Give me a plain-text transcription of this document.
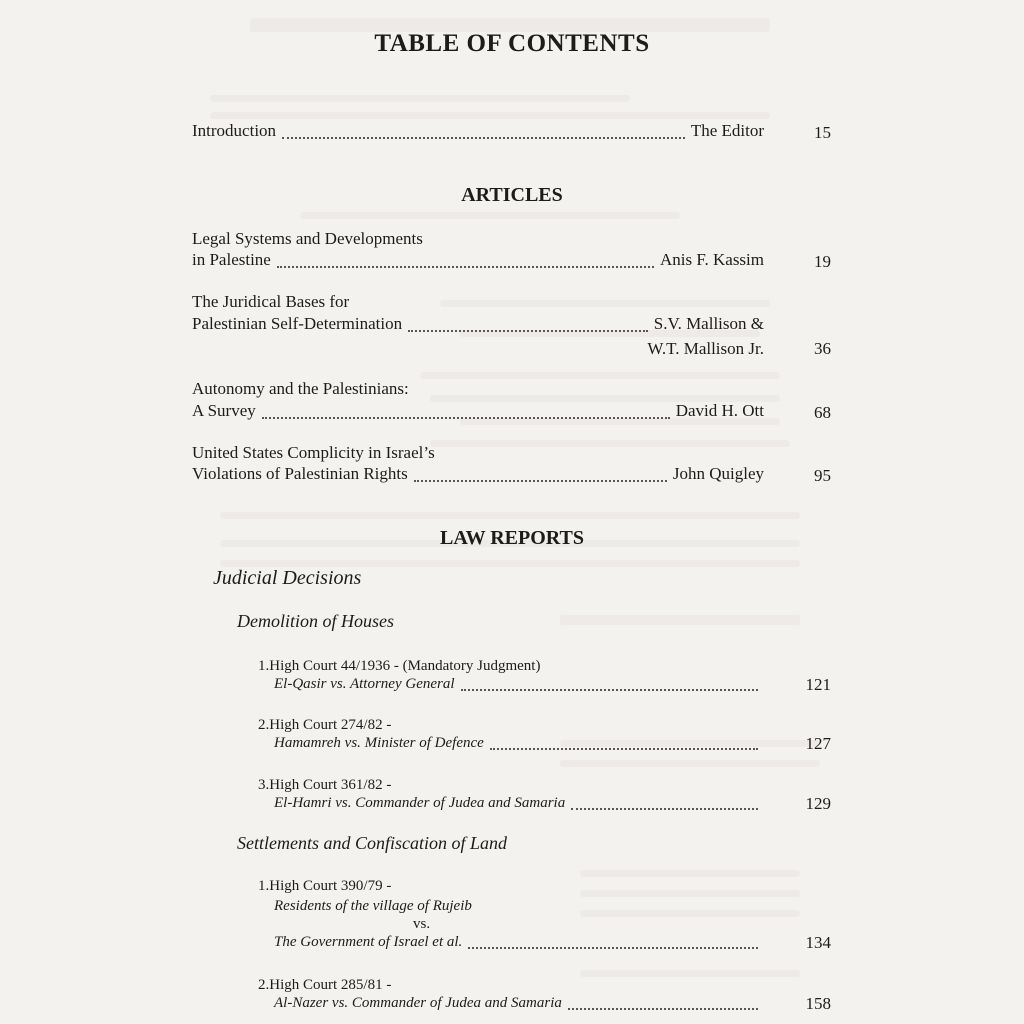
TABLE OF CONTENTS
Introduction	The Editor	15
ARTICLES
Legal Systems and Developments
in Palestine	Anis F. Kassim	19
The Juridical Bases for
Palestinian Self-Determination	S.V. Mallison &
W.T. Mallison Jr.	36
Autonomy and the Palestinians:
A Survey	David H. Ott	68
United States Complicity in Israel’s
Violations of Palestinian Rights	John Quigley	95
LAW REPORTS
Judicial Decisions
Demolition of Houses
1.High Court 44/1936 - (Mandatory Judgment)
El-Qasir vs. Attorney General	121
2.High Court 274/82 -
Hamamreh vs. Minister of Defence	127
3.High Court 361/82 -
El-Hamri vs. Commander of Judea and Samaria	129
Settlements and Confiscation of Land
1.High Court 390/79 -
Residents of the village of Rujeib
vs.
The Government of Israel et al.	134
2.High Court 285/81 -
Al-Nazer vs. Commander of Judea and Samaria	158
